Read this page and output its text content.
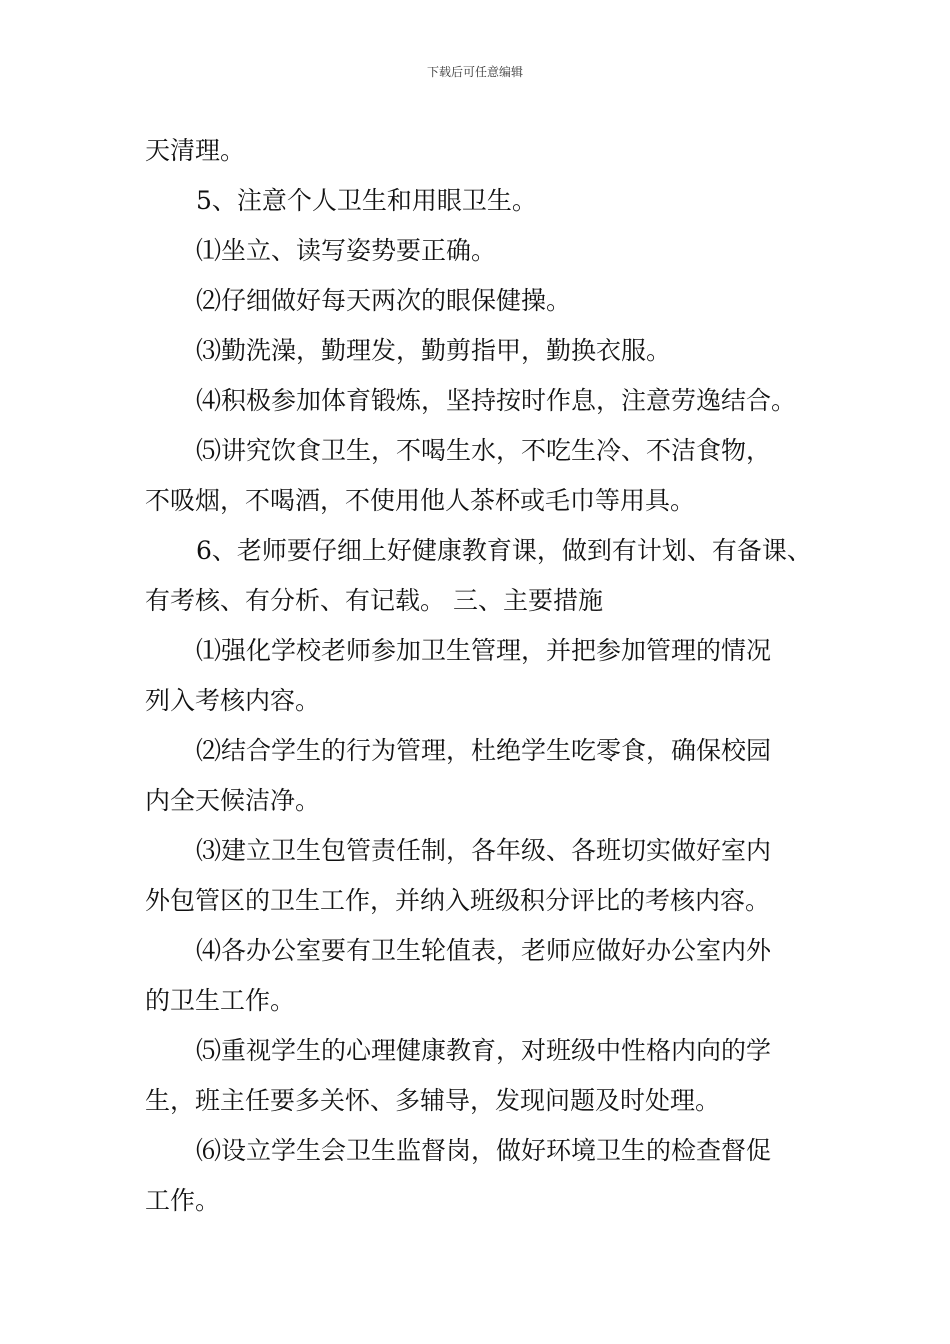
下载后可任意编辑
天清理。
5、注意个人卫生和用眼卫生。
⑴坐立、读写姿势要正确。
⑵仔细做好每天两次的眼保健操。
⑶勤洗澡，勤理发，勤剪指甲，勤换衣服。
⑷积极参加体育锻炼，坚持按时作息，注意劳逸结合。
⑸讲究饮食卫生，不喝生水，不吃生冷、不洁食物，
不吸烟，不喝酒，不使用他人茶杯或毛巾等用具。
6、老师要仔细上好健康教育课，做到有计划、有备课、
有考核、有分析、有记载。 三、主要措施
⑴强化学校老师参加卫生管理，并把参加管理的情况
列入考核内容。
⑵结合学生的行为管理，杜绝学生吃零食，确保校园
内全天候洁净。
⑶建立卫生包管责任制，各年级、各班切实做好室内
外包管区的卫生工作，并纳入班级积分评比的考核内容。
⑷各办公室要有卫生轮值表，老师应做好办公室内外
的卫生工作。
⑸重视学生的心理健康教育，对班级中性格内向的学
生，班主任要多关怀、多辅导，发现问题及时处理。
⑹设立学生会卫生监督岗，做好环境卫生的检查督促
工作。
